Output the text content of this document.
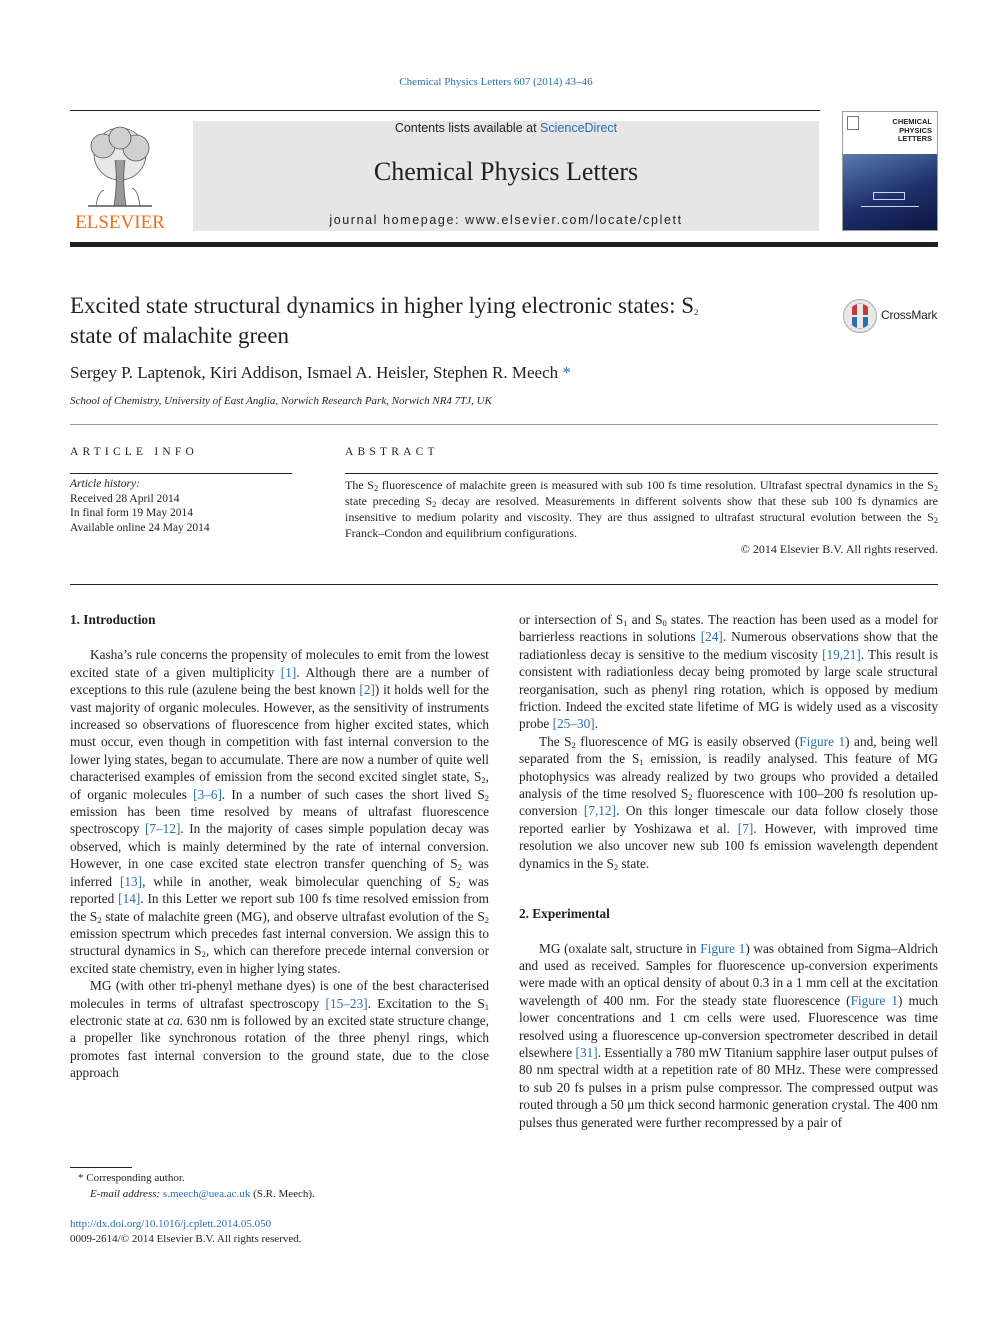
Chemical Physics Letters 607 (2014) 43–46
ELSEVIER
Contents lists available at ScienceDirect
Chemical Physics Letters
journal homepage: www.elsevier.com/locate/cplett
CHEMICAL
PHYSICS
LETTERS
Excited state structural dynamics in higher lying electronic states: $S_2$
state of malachite green
CrossMark
Sergey P. Laptenok, Kiri Addison, Ismael A. Heisler, Stephen R. Meech *
School of Chemistry, University of East Anglia, Norwich Research Park, Norwich NR4 7TJ, UK
ARTICLE INFO
Article history:
Received 28 April 2014
In final form 19 May 2014
Available online 24 May 2014
ABSTRACT

The $S_2$ fluorescence of malachite green is measured with sub 100 fs time resolution. Ultrafast spectral dynamics in the $S_2$ state preceding $S_2$ decay are resolved. Measurements in different solvents show that these sub 100 fs dynamics are insensitive to medium polarity and viscosity. They are thus assigned to ultrafast structural evolution between the $S_2$ Franck–Condon and equilibrium configurations.

© 2014 Elsevier B.V. All rights reserved.

1. Introduction

Kasha’s rule concerns the propensity of molecules to emit from the lowest excited state of a given multiplicity [1]. Although there are a number of exceptions to this rule (azulene being the best known [2]) it holds well for the vast majority of organic molecules. However, as the sensitivity of instruments increased so observations of fluorescence from higher excited states, which must occur, even though in competition with fast internal conversion to the lower lying states, began to accumulate. There are now a number of quite well characterised examples of emission from the second excited singlet state, $S_2$, of organic molecules [3–6]. In a number of such cases the short lived $S_2$ emission has been time resolved by means of ultrafast fluorescence spectroscopy [7–12]. In the majority of cases simple population decay was observed, which is mainly determined by the rate of internal conversion. However, in one case excited state electron transfer quenching of $S_2$ was inferred [13], while in another, weak bimolecular quenching of $S_2$ was reported [14]. In this Letter we report sub 100 fs time resolved emission from the $S_2$ state of malachite green (MG), and observe ultrafast evolution of the $S_2$ emission spectrum which precedes fast internal conversion. We assign this to structural dynamics in $S_2$, which can therefore precede internal conversion or excited state chemistry, even in higher lying states.

MG (with other tri-phenyl methane dyes) is one of the best characterised molecules in terms of ultrafast spectroscopy [15–23]. Excitation to the $S_1$ electronic state at ca. 630 nm is followed by an excited state structure change, a propeller like synchronous rotation of the three phenyl rings, which promotes fast internal conversion to the ground state, due to the close approach

or intersection of $S_1$ and $S_0$ states. The reaction has been used as a model for barrierless reactions in solutions [24]. Numerous observations show that the radiationless decay is sensitive to the medium viscosity [19,21]. This result is consistent with radiationless decay being promoted by large scale structural reorganisation, such as phenyl ring rotation, which is opposed by medium friction. Indeed the excited state lifetime of MG is widely used as a viscosity probe [25–30].

The $S_2$ fluorescence of MG is easily observed (Figure 1) and, being well separated from the $S_1$ emission, is readily analysed. This feature of MG photophysics was already realized by two groups who provided a detailed analysis of the time resolved $S_2$ fluorescence with 100–200 fs resolution up-conversion [7,12]. On this longer timescale our data follow closely those reported earlier by Yoshizawa et al. [7]. However, with improved time resolution we also uncover new sub 100 fs emission wavelength dependent dynamics in the $S_2$ state.

2. Experimental

MG (oxalate salt, structure in Figure 1) was obtained from Sigma–Aldrich and used as received. Samples for fluorescence up-conversion experiments were made with an optical density of about 0.3 in a 1 mm cell at the excitation wavelength of 400 nm. For the steady state fluorescence (Figure 1) much lower concentrations and 1 cm cells were used. Fluorescence was time resolved using a fluorescence up-conversion spectrometer described in detail elsewhere [31]. Essentially a 780 mW Titanium sapphire laser output pulses of 80 nm spectral width at a repetition rate of 80 MHz. These were compressed to sub 20 fs pulses in a prism pulse compressor. The compressed output was routed through a 50 μm thick second harmonic generation crystal. The 400 nm pulses thus generated were further recompressed by a pair of

* Corresponding author.
E-mail address: s.meech@uea.ac.uk (S.R. Meech).
http://dx.doi.org/10.1016/j.cplett.2014.05.050
0009-2614/© 2014 Elsevier B.V. All rights reserved.
